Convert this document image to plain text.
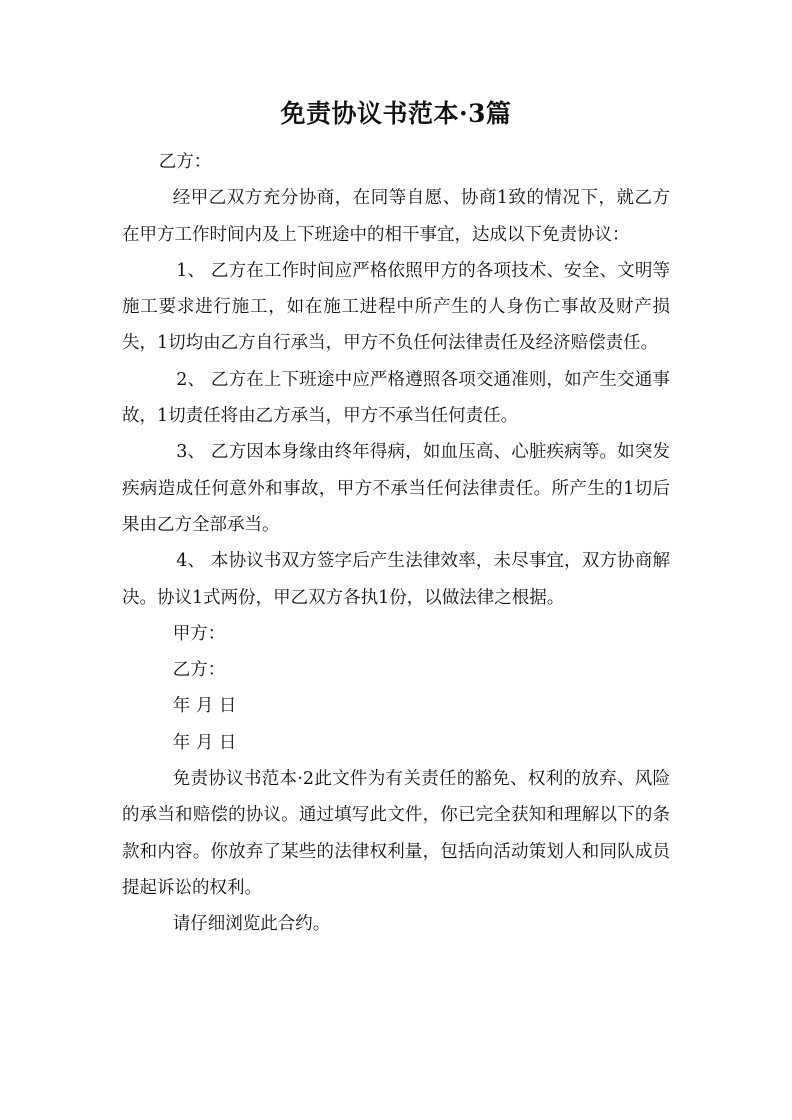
免责协议书范本·3篇

乙方：

经甲乙双方充分协商，在同等自愿、协商1致的情况下，就乙方在甲方工作时间内及上下班途中的相干事宜，达成以下免责协议：

1、 乙方在工作时间应严格依照甲方的各项技术、安全、文明等施工要求进行施工，如在施工进程中所产生的人身伤亡事故及财产损失，1切均由乙方自行承当，甲方不负任何法律责任及经济赔偿责任。

2、 乙方在上下班途中应严格遵照各项交通准则，如产生交通事故，1切责任将由乙方承当，甲方不承当任何责任。

3、 乙方因本身缘由终年得病，如血压高、心脏疾病等。如突发疾病造成任何意外和事故，甲方不承当任何法律责任。所产生的1切后果由乙方全部承当。

4、 本协议书双方签字后产生法律效率，未尽事宜，双方协商解决。协议1式两份，甲乙双方各执1份，以做法律之根据。

甲方：

乙方：

年 月 日

年 月 日

免责协议书范本·2此文件为有关责任的豁免、权利的放弃、风险的承当和赔偿的协议。通过填写此文件，你已完全获知和理解以下的条款和内容。你放弃了某些的法律权利量，包括向活动策划人和同队成员提起诉讼的权利。

请仔细浏览此合约。
